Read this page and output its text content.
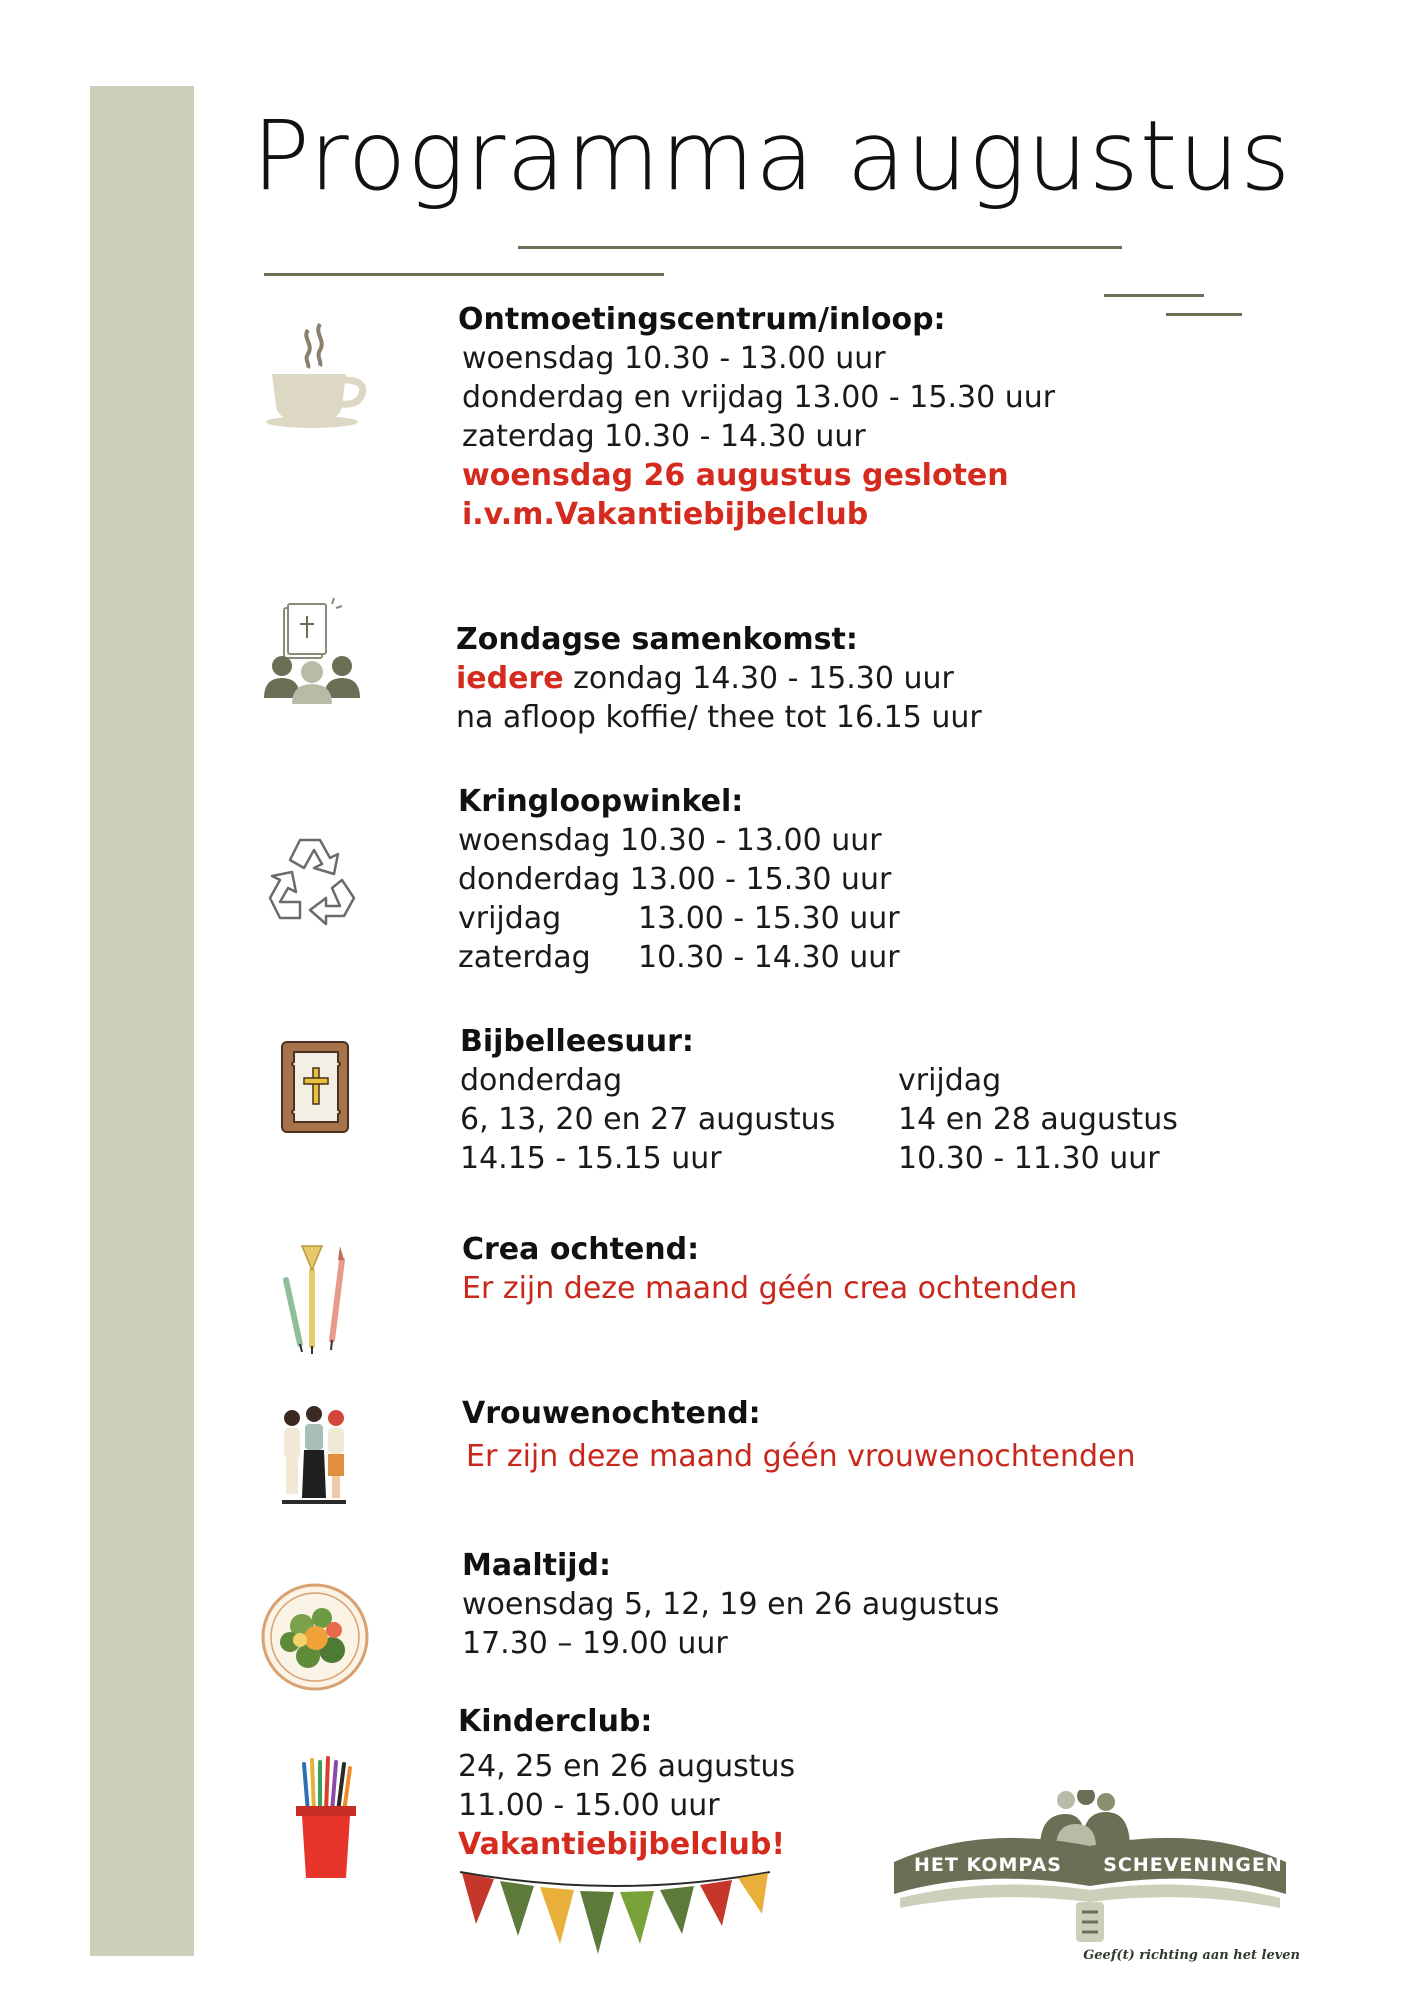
Programma augustus
Ontmoetingscentrum/inloop:
woensdag 10.30 - 13.00 uur
donderdag en vrijdag 13.00 - 15.30 uur
zaterdag 10.30 - 14.30 uur
woensdag 26 augustus gesloten
i.v.m.Vakantiebijbelclub
Zondagse samenkomst:
iedere zondag 14.30 - 15.30 uur
na afloop koffie/ thee tot 16.15 uur
Kringloopwinkel:
woensdag 10.30 - 13.00 uur
donderdag 13.00 - 15.30 uur
vrijdag	13.00 - 15.30 uur
zaterdag 10.30 - 14.30 uur
Bijbelleesuur:
donderdag
6, 13, 20 en 27 augustus
14.15 - 15.15 uur
vrijdag
14 en 28 augustus
10.30 - 11.30 uur
Crea ochtend:
Er zijn deze maand géén crea ochtenden
Vrouwenochtend:
Er zijn deze maand géén vrouwenochtenden
Maaltijd:
woensdag 5, 12, 19 en 26 augustus
17.30 – 19.00 uur
Kinderclub:
24, 25 en 26 augustus
11.00 - 15.00 uur
Vakantiebijbelclub!
HET KOMPAS	SCHEVENINGEN
Geef(t) richting aan het leven
